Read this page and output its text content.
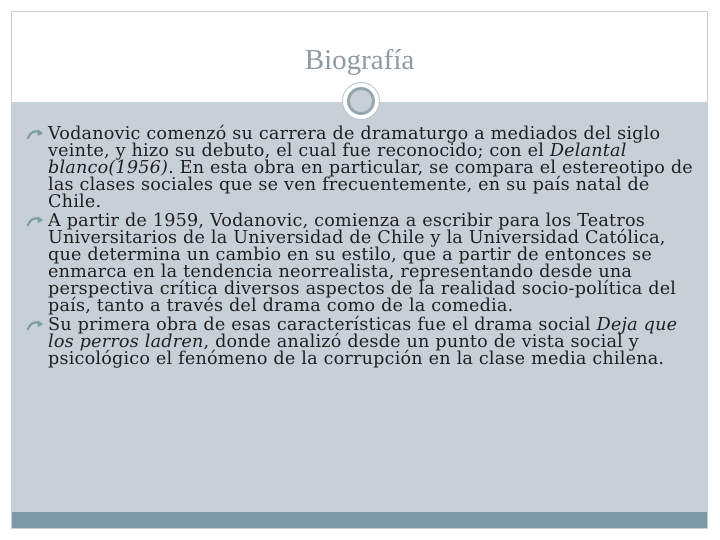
Biografía
Vodanovic comenzó su carrera de dramaturgo a mediados del siglo veinte, y hizo su debuto, el cual fue reconocido; con el Delantal blanco(1956). En esta obra en particular, se compara el estereotipo de las clases sociales que se ven frecuentemente, en su país natal de Chile.
A partir de 1959, Vodanovic, comienza a escribir para los Teatros Universitarios de la Universidad de Chile y la Universidad Católica, que determina un cambio en su estilo, que a partir de entonces se enmarca en la tendencia neorrealista, representando desde una perspectiva crítica diversos aspectos de la realidad socio-política del país, tanto a través del drama como de la comedia.
Su primera obra de esas características fue el drama social Deja que los perros ladren, donde analizó desde un punto de vista social y psicológico el fenómeno de la corrupción en la clase media chilena.
